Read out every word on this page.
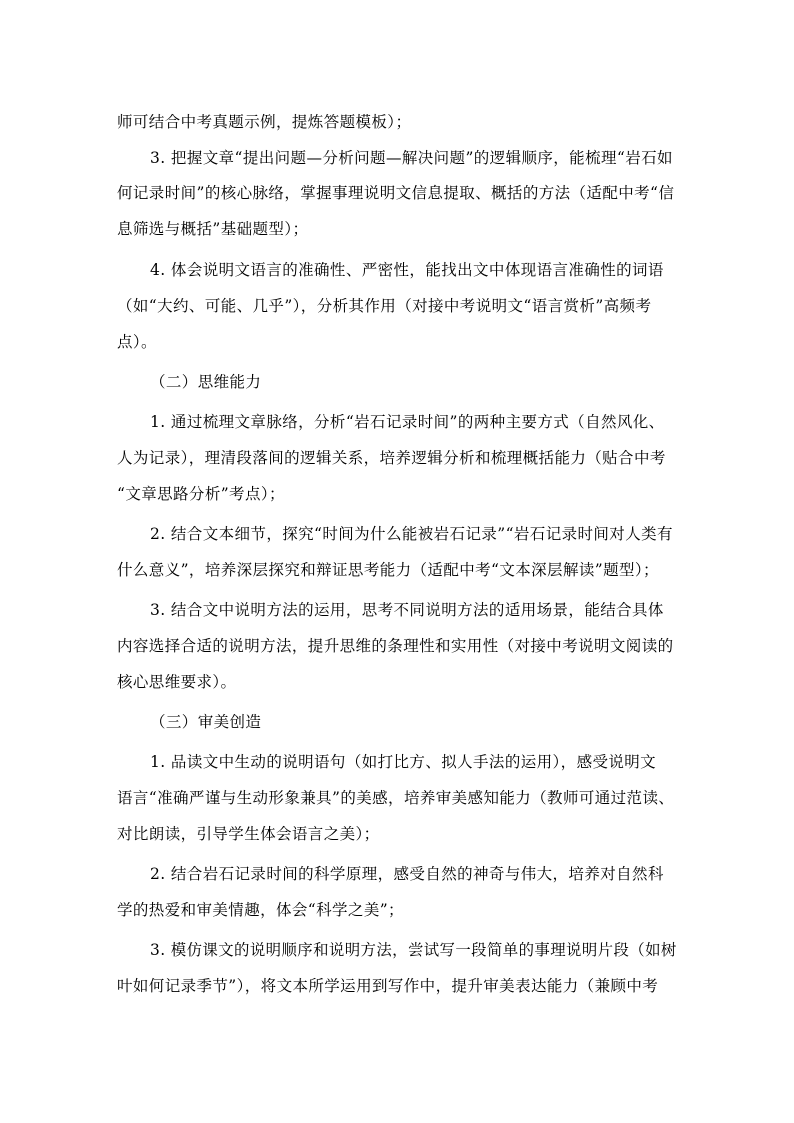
师可结合中考真题示例，提炼答题模板）；
3. 把握文章“提出问题—分析问题—解决问题”的逻辑顺序，能梳理“岩石如
何记录时间”的核心脉络，掌握事理说明文信息提取、概括的方法（适配中考“信
息筛选与概括”基础题型）；
4. 体会说明文语言的准确性、严密性，能找出文中体现语言准确性的词语
（如“大约、可能、几乎”），分析其作用（对接中考说明文“语言赏析”高频考
点）。
（二）思维能力
1. 通过梳理文章脉络，分析“岩石记录时间”的两种主要方式（自然风化、
人为记录），理清段落间的逻辑关系，培养逻辑分析和梳理概括能力（贴合中考
“文章思路分析”考点）；
2. 结合文本细节，探究“时间为什么能被岩石记录”“岩石记录时间对人类有
什么意义”，培养深层探究和辩证思考能力（适配中考“文本深层解读”题型）；
3. 结合文中说明方法的运用，思考不同说明方法的适用场景，能结合具体
内容选择合适的说明方法，提升思维的条理性和实用性（对接中考说明文阅读的
核心思维要求）。
（三）审美创造
1. 品读文中生动的说明语句（如打比方、拟人手法的运用），感受说明文
语言“准确严谨与生动形象兼具”的美感，培养审美感知能力（教师可通过范读、
对比朗读，引导学生体会语言之美）；
2. 结合岩石记录时间的科学原理，感受自然的神奇与伟大，培养对自然科
学的热爱和审美情趣，体会“科学之美”；
3. 模仿课文的说明顺序和说明方法，尝试写一段简单的事理说明片段（如树
叶如何记录季节”），将文本所学运用到写作中，提升审美表达能力（兼顾中考
